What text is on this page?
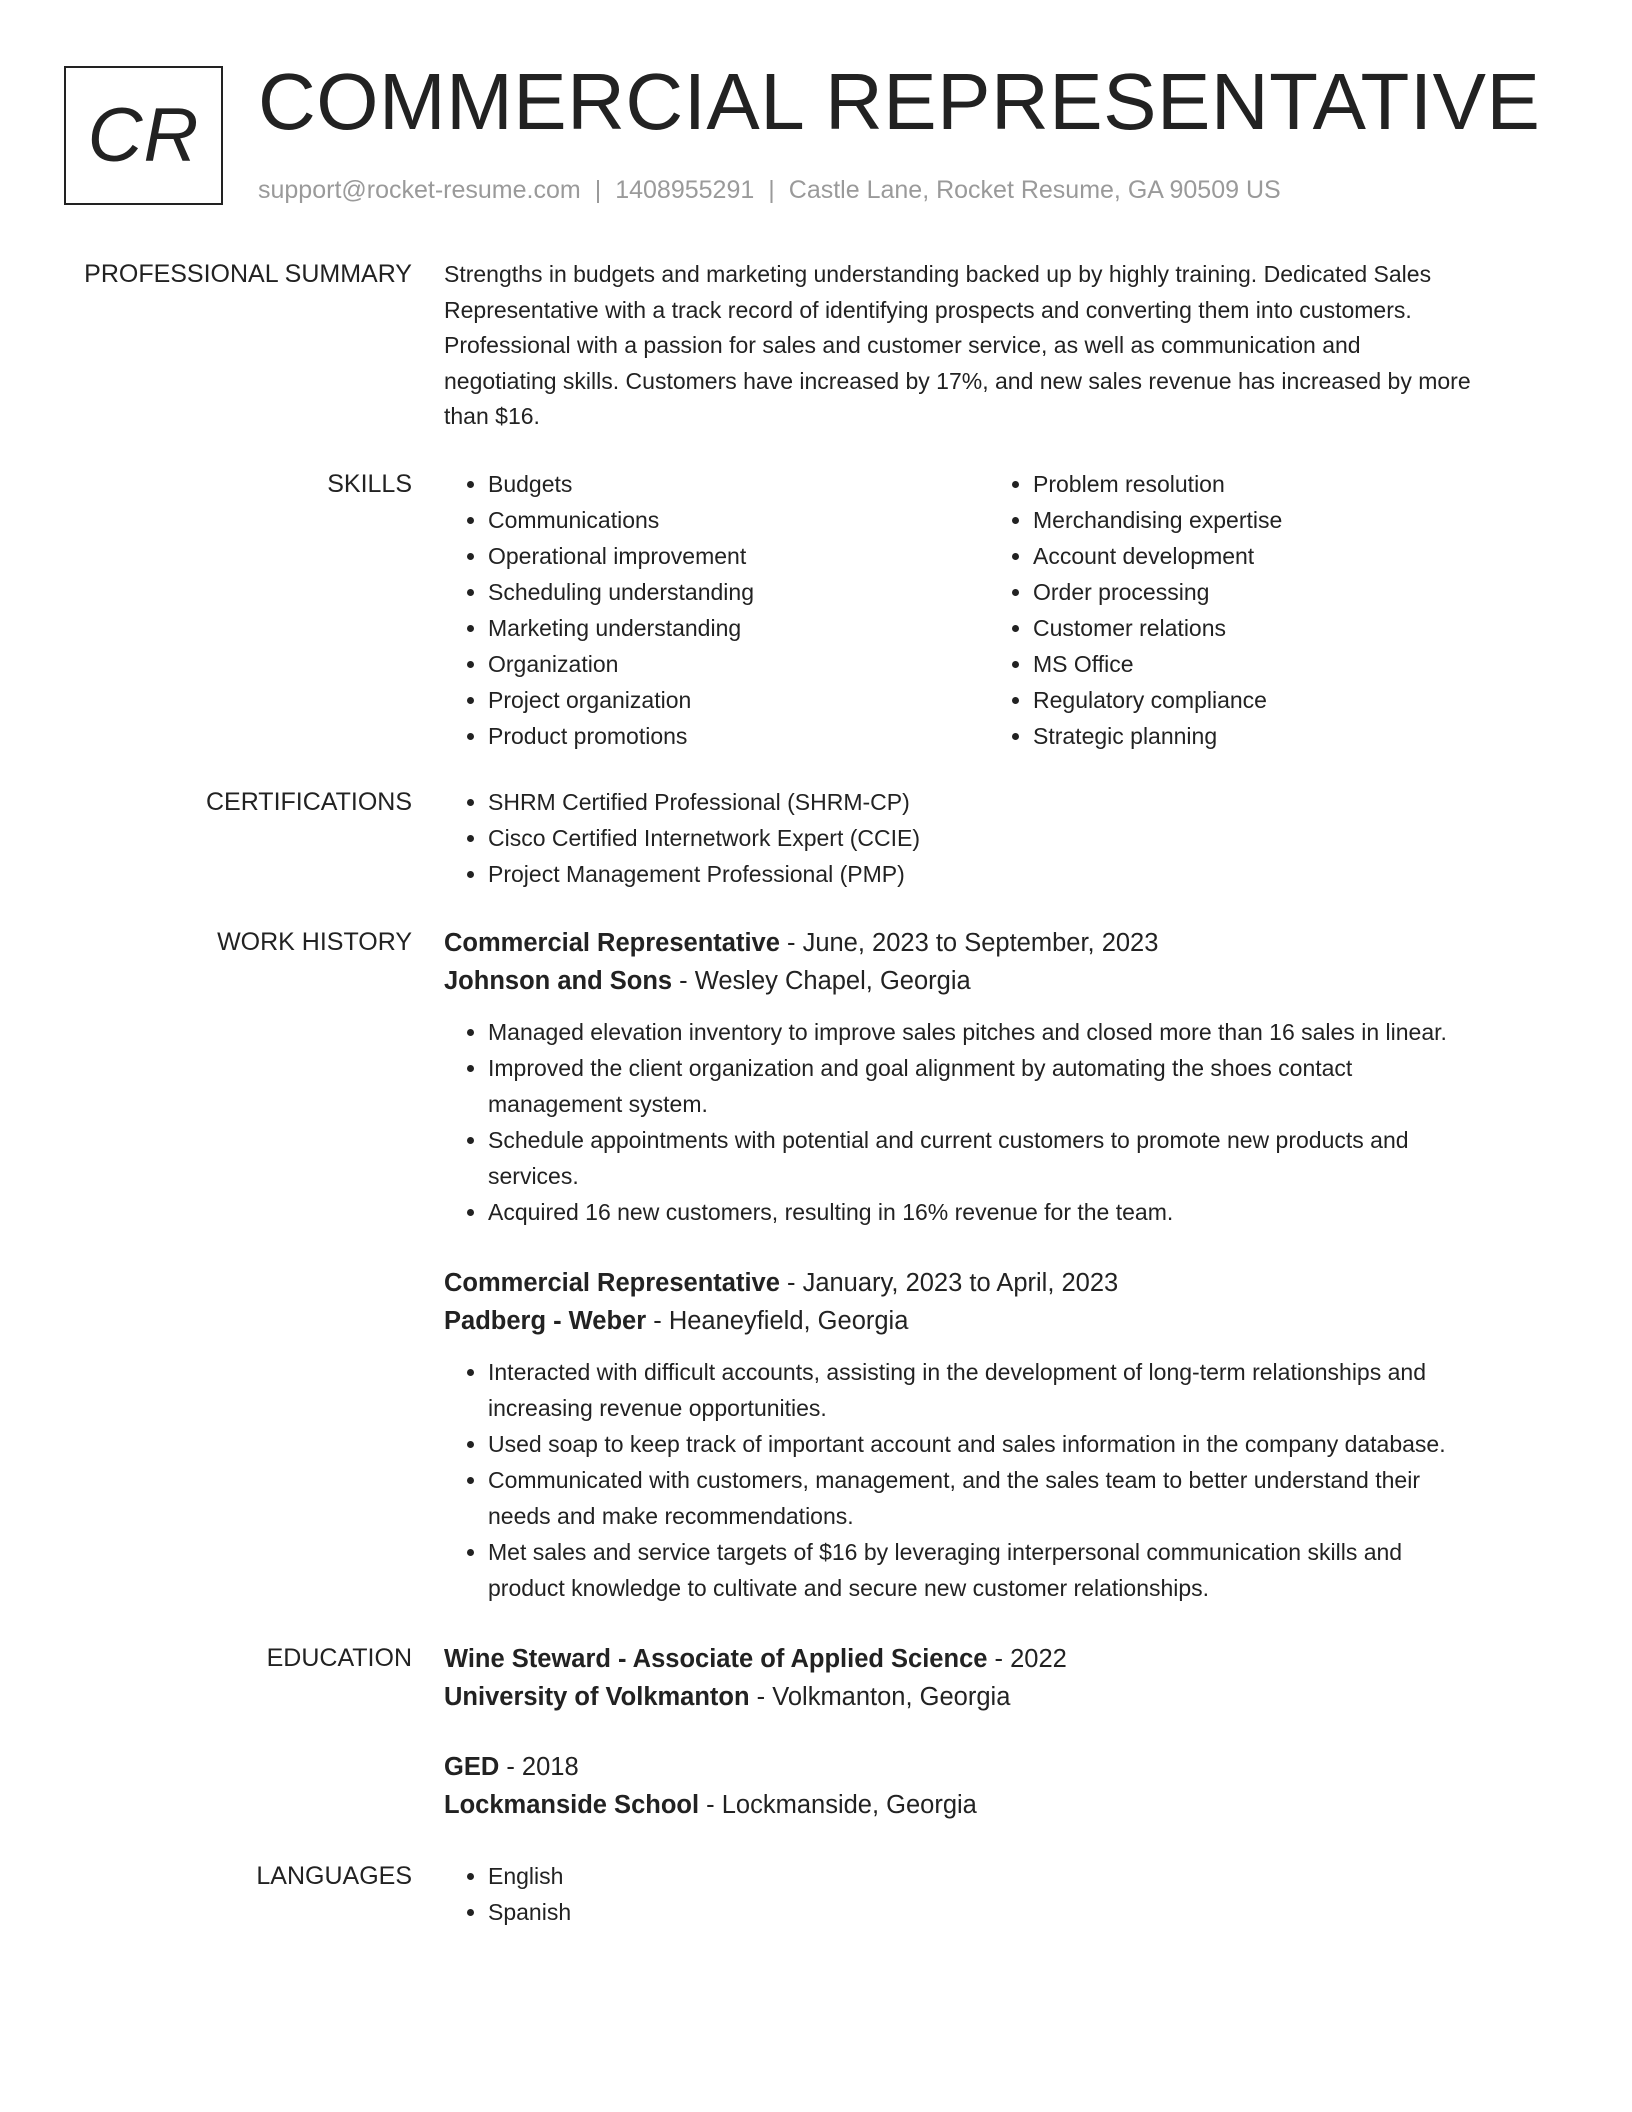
CR COMMERCIAL REPRESENTATIVE
support@rocket-resume.com | 1408955291 | Castle Lane, Rocket Resume, GA 90509 US
PROFESSIONAL SUMMARY Strengths in budgets and marketing understanding backed up by highly training. Dedicated Sales
Representative with a track record of identifying prospects and converting them into customers.
Professional with a passion for sales and customer service, as well as communication and
negotiating skills. Customers have increased by 17%, and new sales revenue has increased by more
than $16.

SKILLS	• Budgets
• Communications
• Operational improvement
• Scheduling understanding
• Marketing understanding
• Organization
• Project organization
• Product promotions
• Problem resolution
• Merchandising expertise
• Account development
• Order processing
• Customer relations
• MS Office
• Regulatory compliance
• Strategic planning
CERTIFICATIONS	• SHRM Certified Professional (SHRM-CP)
• Cisco Certified Internetwork Expert (CCIE)
• Project Management Professional (PMP)
WORK HISTORY Commercial Representative - June, 2023 to September, 2023
Johnson and Sons - Wesley Chapel, Georgia
• Managed elevation inventory to improve sales pitches and closed more than 16 sales in linear.
• Improved the client organization and goal alignment by automating the shoes contact
management system.
• Schedule appointments with potential and current customers to promote new products and
services.
• Acquired 16 new customers, resulting in 16% revenue for the team.
Commercial Representative - January, 2023 to April, 2023
Padberg - Weber - Heaneyfield, Georgia
• Interacted with difficult accounts, assisting in the development of long-term relationships and
increasing revenue opportunities.
• Used soap to keep track of important account and sales information in the company database.
• Communicated with customers, management, and the sales team to better understand their
needs and make recommendations.
• Met sales and service targets of $16 by leveraging interpersonal communication skills and
product knowledge to cultivate and secure new customer relationships.
EDUCATION Wine Steward - Associate of Applied Science - 2022
University of Volkmanton - Volkmanton, Georgia
GED - 2018
Lockmanside School - Lockmanside, Georgia
LANGUAGES	• English
• Spanish
